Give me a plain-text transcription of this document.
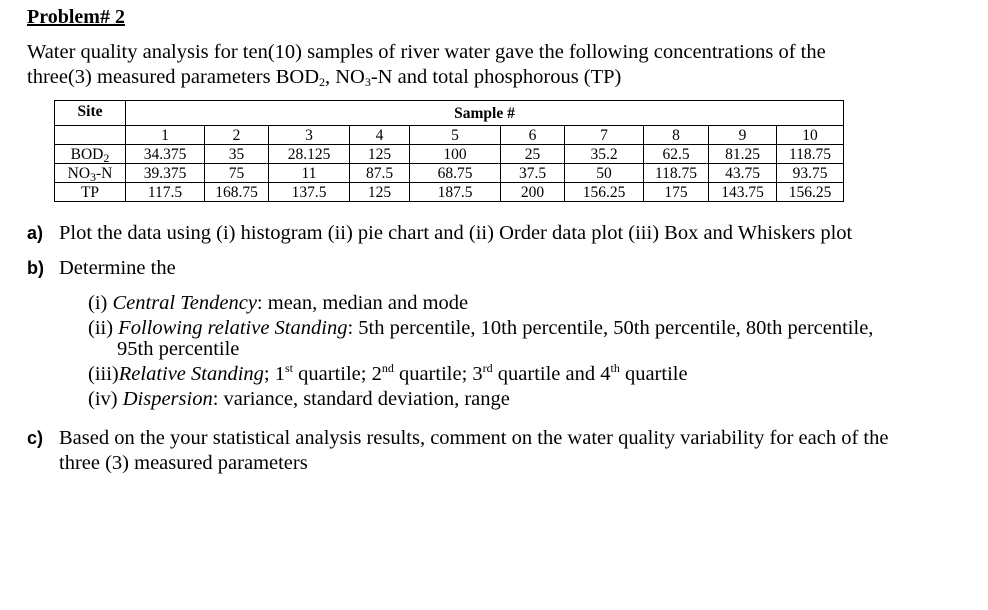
Problem# 2
Water quality analysis for ten(10) samples of river water gave the following concentrations of the
three(3) measured parameters $BOD_2$, $NO_3-N$ and total phosphorous (TP)
Site	Sample #									
	1	2	3	4	5	6	7	8	9	10
$BOD_2$	34.375	35	28.125	125	100	25	35.2	62.5	81.25	118.75
$NO_3-N$	39.375	75	11	87.5	68.75	37.5	50	118.75	43.75	93.75
TP	117.5	168.75	137.5	125	187.5	200	156.25	175	143.75	156.25
a) Plot the data using (i) histogram (ii) pie chart and (ii) Order data plot (iii) Box and Whiskers plot
b) Determine the
(i) Central Tendency: mean, median and mode
(ii) Following relative Standing: 5th percentile, 10th percentile, 50th percentile, 80th percentile,
95th percentile
(iii)Relative Standing; 1st quartile; 2nd quartile; 3rd quartile and 4th quartile
(iv) Dispersion: variance, standard deviation, range
c) Based on the your statistical analysis results, comment on the water quality variability for each of the
three (3) measured parameters
